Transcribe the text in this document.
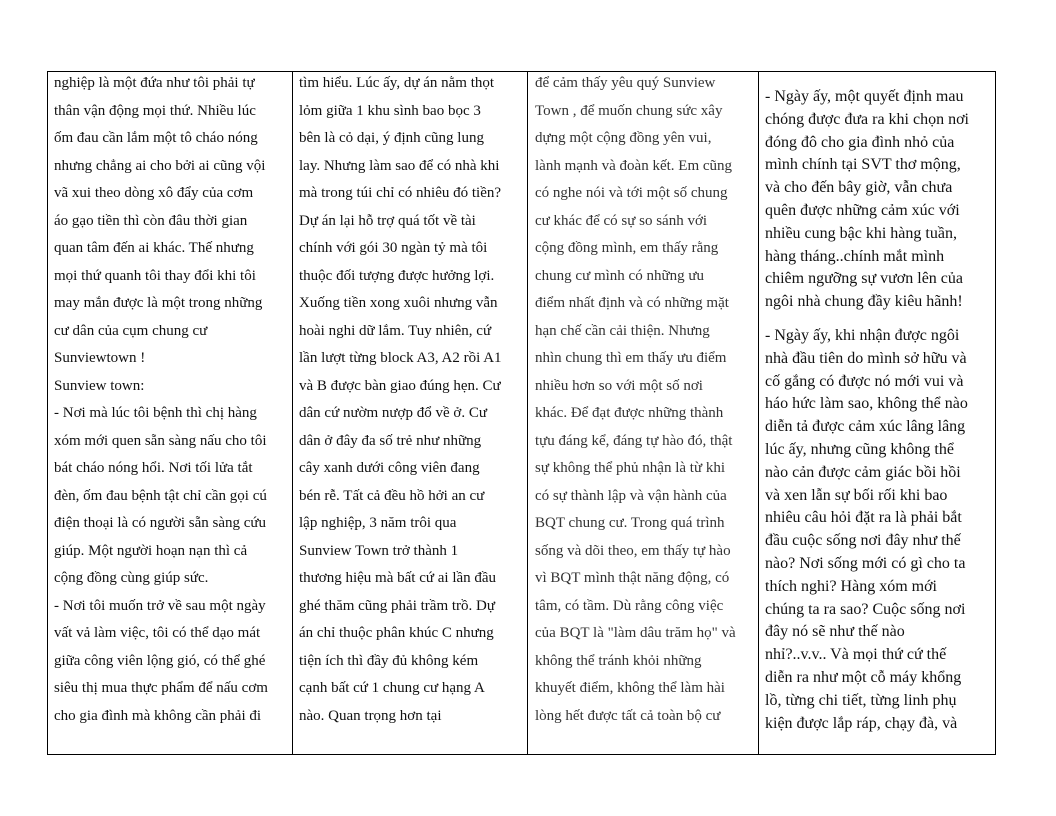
nghiệp là một đứa như tôi phải tự
thân vận động mọi thứ. Nhiều lúc
ốm đau cần lắm một tô cháo nóng
nhưng chẳng ai cho bởi ai cũng vội
vã xui theo dòng xô đẩy của cơm
áo gạo tiền thì còn đâu thời gian
quan tâm đến ai khác. Thế nhưng
mọi thứ quanh tôi thay đổi khi tôi
may mắn được là một trong những
cư dân của cụm chung cư
Sunviewtown !
Sunview town:
- Nơi mà lúc tôi bệnh thì chị hàng
xóm mới quen sẵn sàng nấu cho tôi
bát cháo nóng hổi. Nơi tối lửa tắt
đèn, ốm đau bệnh tật chỉ cần gọi cú
điện thoại là có người sẵn sàng cứu
giúp. Một người hoạn nạn thì cả
cộng đồng cùng giúp sức.
- Nơi tôi muốn trở về sau một ngày
vất vả làm việc, tôi có thể dạo mát
giữa công viên lộng gió, có thể ghé
siêu thị mua thực phẩm để nấu cơm
cho gia đình mà không cần phải đi

tìm hiểu. Lúc ấy, dự án nằm thọt
lỏm giữa 1 khu sình bao bọc 3
bên là cỏ dại, ý định cũng lung
lay. Nhưng làm sao để có nhà khi
mà trong túi chỉ có nhiêu đó tiền?
Dự án lại hỗ trợ quá tốt về tài
chính với gói 30 ngàn tỷ mà tôi
thuộc đối tượng được hưởng lợi.
Xuống tiền xong xuôi nhưng vẫn
hoài nghi dữ lắm. Tuy nhiên, cứ
lần lượt từng block A3, A2 rồi A1
và B được bàn giao đúng hẹn. Cư
dân cứ nườm nượp đổ về ở. Cư
dân ở đây đa số trẻ như những
cây xanh dưới công viên đang
bén rễ. Tất cả đều hồ hởi an cư
lập nghiệp, 3 năm trôi qua
Sunview Town trở thành 1
thương hiệu mà bất cứ ai lần đầu
ghé thăm cũng phải trầm trồ. Dự
án chỉ thuộc phân khúc C nhưng
tiện ích thì đầy đủ không kém
cạnh bất cứ 1 chung cư hạng A
nào. Quan trọng hơn tại

để cảm thấy yêu quý Sunview
Town , để muốn chung sức xây
dựng một cộng đồng yên vui,
lành mạnh và đoàn kết. Em cũng
có nghe nói và tới một số chung
cư khác để có sự so sánh với
cộng đồng mình, em thấy rằng
chung cư mình có những ưu
điểm nhất định và có những mặt
hạn chế cần cải thiện. Nhưng
nhìn chung thì em thấy ưu điểm
nhiều hơn so với một số nơi
khác. Để đạt được những thành
tựu đáng kể, đáng tự hào đó, thật
sự không thể phủ nhận là từ khi
có sự thành lập và vận hành của
BQT chung cư. Trong quá trình
sống và dõi theo, em thấy tự hào
vì BQT mình thật năng động, có
tâm, có tầm. Dù rằng công việc
của BQT là "làm dâu trăm họ" và
không thể tránh khỏi những
khuyết điểm, không thể làm hài
lòng hết được tất cả toàn bộ cư

- Ngày ấy, một quyết định mau
chóng được đưa ra khi chọn nơi
đóng đô cho gia đình nhỏ của
mình chính tại SVT thơ mộng,
và cho đến bây giờ, vẫn chưa
quên được những cảm xúc với
nhiều cung bậc khi hàng tuần,
hàng tháng..chính mắt mình
chiêm ngưỡng sự vươn lên của
ngôi nhà chung đầy kiêu hãnh!
- Ngày ấy, khi nhận được ngôi
nhà đầu tiên do mình sở hữu và
cố gắng có được nó mới vui và
háo hức làm sao, không thể nào
diễn tả được cảm xúc lâng lâng
lúc ấy, nhưng cũng không thể
nào cản được cảm giác bồi hồi
và xen lẫn sự bối rối khi bao
nhiêu câu hỏi đặt ra là phải bắt
đầu cuộc sống nơi đây như thế
nào? Nơi sống mới có gì cho ta
thích nghi? Hàng xóm mới
chúng ta ra sao? Cuộc sống nơi
đây nó sẽ như thế nào
nhỉ?..v.v.. Và mọi thứ cứ thế
diễn ra như một cỗ máy khổng
lồ, từng chi tiết, từng linh phụ
kiện được lắp ráp, chạy đà, và
